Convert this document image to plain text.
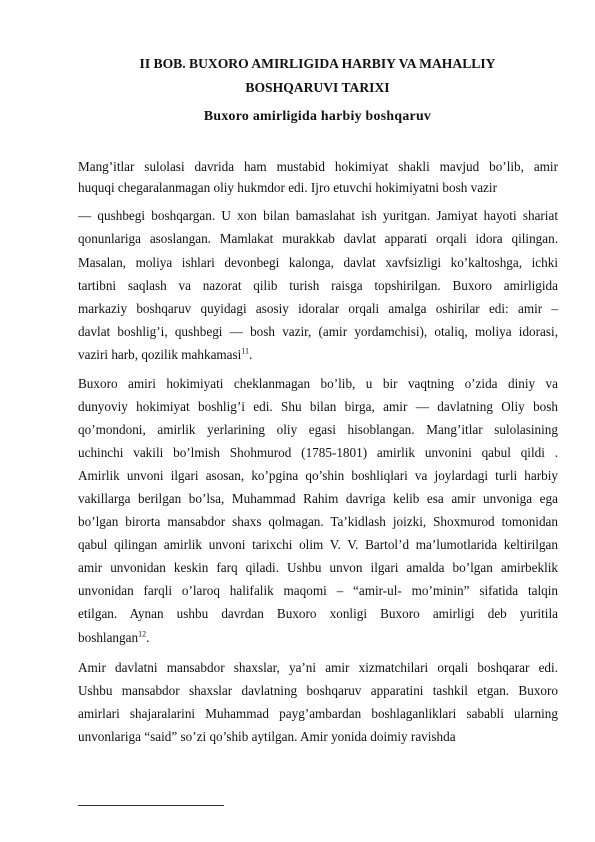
II BOB. BUXORO AMIRLIGIDA HARBIY VA MAHALLIY
BOSHQARUVI TARIXI
Buxoro amirligida harbiy boshqaruv
Mang’itlar sulolasi davrida ham mustabid hokimiyat shakli mavjud bo’lib, amir
huquqi chegaralanmagan oliy hukmdor edi. Ijro etuvchi hokimiyatni bosh vazir
— qushbegi boshqargan. U xon bilan bamaslahat ish yuritgan. Jamiyat hayoti shariat
qonunlariga asoslangan. Mamlakat murakkab davlat apparati orqali idora qilingan.
Masalan, moliya ishlari devonbegi kalonga, davlat xavfsizligi ko’kaltoshga, ichki
tartibni saqlash va nazorat qilib turish raisga topshirilgan. Buxoro amirligida
markaziy boshqaruv quyidagi asosiy idoralar orqali amalga oshirilar edi: amir –
davlat boshlig’i, qushbegi — bosh vazir, (amir yordamchisi), otaliq, moliya idorasi,
vaziri harb, qozilik mahkamasi$^{11}$.
Buxoro amiri hokimiyati cheklanmagan bo’lib, u bir vaqtning o’zida diniy va
dunyoviy hokimiyat boshlig’i edi. Shu bilan birga, amir — davlatning Oliy bosh
qo’mondoni, amirlik yerlarining oliy egasi hisoblangan. Mang’itlar sulolasining
uchinchi vakili bo’lmish Shohmurod (1785-1801) amirlik unvonini qabul qildi .
Amirlik unvoni ilgari asosan, ko’pgina qo’shin boshliqlari va joylardagi turli harbiy
vakillarga berilgan bo’lsa, Muhammad Rahim davriga kelib esa amir unvoniga ega
bo’lgan birorta mansabdor shaxs qolmagan. Ta’kidlash joizki, Shoxmurod tomonidan
qabul qilingan amirlik unvoni tarixchi olim V. V. Bartol’d ma’lumotlarida keltirilgan
amir unvonidan keskin farq qiladi. Ushbu unvon ilgari amalda bo’lgan amirbeklik
unvonidan farqli o’laroq halifalik maqomi – “amir-ul- mo’minin” sifatida talqin
etilgan. Aynan ushbu davrdan Buxoro xonligi Buxoro amirligi deb yuritila
boshlangan$^{12}$.
Amir davlatni mansabdor shaxslar, ya’ni amir xizmatchilari orqali boshqarar edi.
Ushbu mansabdor shaxslar davlatning boshqaruv apparatini tashkil etgan. Buxoro
amirlari shajaralarini Muhammad payg’ambardan boshlaganliklari sababli ularning
unvonlariga “said” so’zi qo’shib aytilgan. Amir yonida doimiy ravishda
